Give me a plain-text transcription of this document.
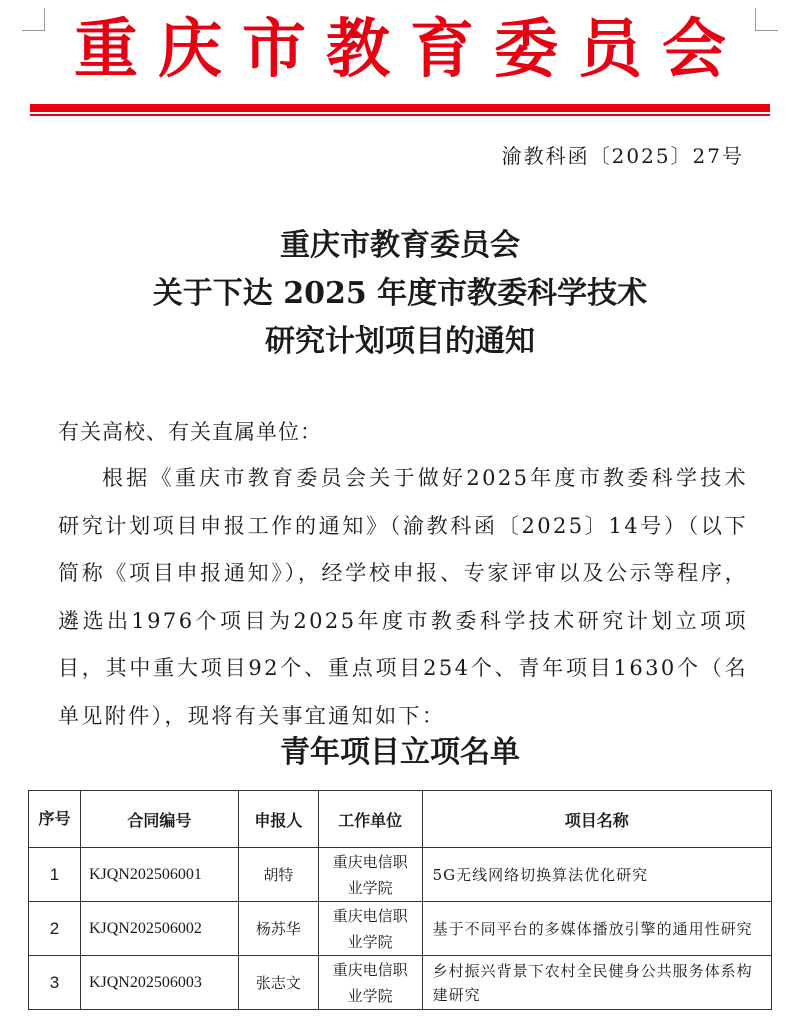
重庆市教育委员会
渝教科函〔2025〕27号
重庆市教育委员会
关于下达 2025 年度市教委科学技术
研究计划项目的通知
有关高校、有关直属单位：
根据《重庆市教育委员会关于做好2025年度市教委科学技术研究计划项目申报工作的通知》（渝教科函〔2025〕14号）（以下简称《项目申报通知》），经学校申报、专家评审以及公示等程序，遴选出1976个项目为2025年度市教委科学技术研究计划立项项目，其中重大项目92个、重点项目254个、青年项目1630个（名单见附件），现将有关事宜通知如下：
青年项目立项名单
序号	合同编号	申报人	工作单位	项目名称
1	KJQN202506001	胡特	重庆电信职业学院	5G无线网络切换算法优化研究
2	KJQN202506002	杨苏华	重庆电信职业学院	基于不同平台的多媒体播放引擎的通用性研究
3	KJQN202506003	张志文	重庆电信职业学院	乡村振兴背景下农村全民健身公共服务体系构建研究
